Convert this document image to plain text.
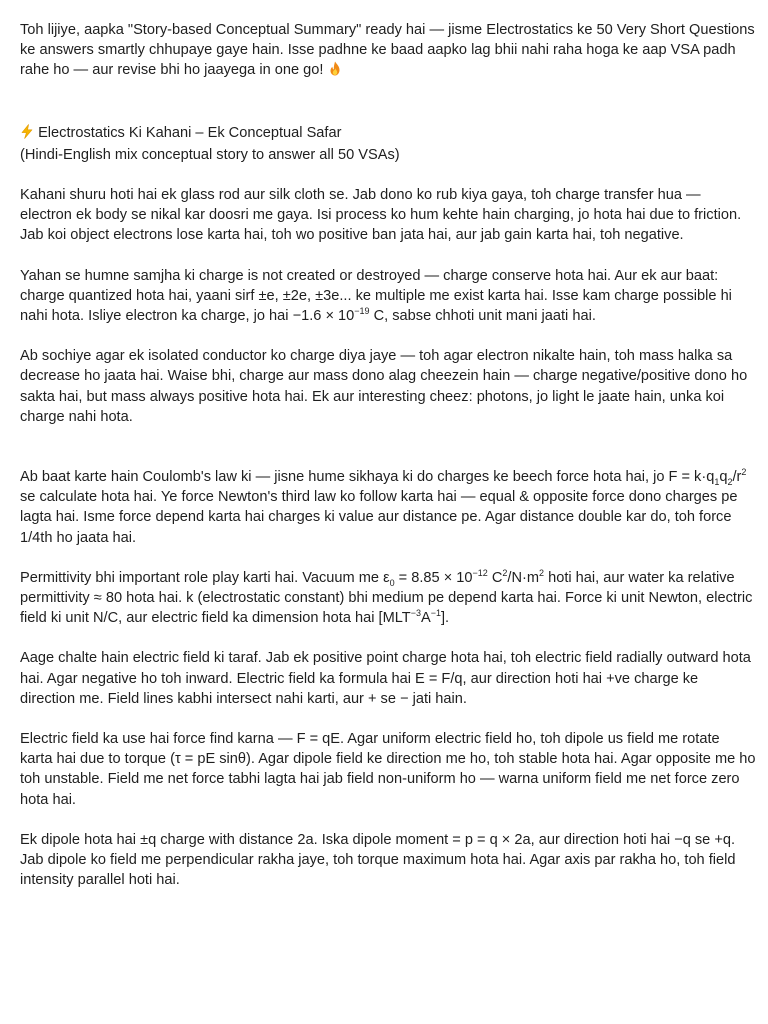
Toh lijiye, aapka "Story-based Conceptual Summary" ready hai — jisme Electrostatics ke 50 Very Short Questions ke answers smartly chhupaye gaye hain. Isse padhne ke baad aapko lag bhii nahi raha hoga ke aap VSA padh rahe ho — aur revise bhi ho jaayega in one go!

Electrostatics Ki Kahani – Ek Conceptual Safar
(Hindi-English mix conceptual story to answer all 50 VSAs)

Kahani shuru hoti hai ek glass rod aur silk cloth se. Jab dono ko rub kiya gaya, toh charge transfer hua — electron ek body se nikal kar doosri me gaya. Isi process ko hum kehte hain charging, jo hota hai due to friction. Jab koi object electrons lose karta hai, toh wo positive ban jata hai, aur jab gain karta hai, toh negative.

Yahan se humne samjha ki charge is not created or destroyed — charge conserve hota hai. Aur ek aur baat: charge quantized hota hai, yaani sirf ±e, ±2e, ±3e... ke multiple me exist karta hai. Isse kam charge possible hi nahi hota. Isliye electron ka charge, jo hai $-1.6 \times 10^{-19}$ C, sabse chhoti unit mani jaati hai.

Ab sochiye agar ek isolated conductor ko charge diya jaye — toh agar electron nikalte hain, toh mass halka sa decrease ho jaata hai. Waise bhi, charge aur mass dono alag cheezein hain — charge negative/positive dono ho sakta hai, but mass always positive hota hai. Ek aur interesting cheez: photons, jo light le jaate hain, unka koi charge nahi hota.

Ab baat karte hain Coulomb's law ki — jisne hume sikhaya ki do charges ke beech force hota hai, jo $F = k\cdot q_1q_2/r^2$ se calculate hota hai. Ye force Newton's third law ko follow karta hai — equal & opposite force dono charges pe lagta hai. Isme force depend karta hai charges ki value aur distance pe. Agar distance double kar do, toh force 1/4th ho jaata hai.

Permittivity bhi important role play karti hai. Vacuum me $\varepsilon_0 = 8.85 \times 10^{-12}$ $C^2/N\cdot m^2$ hoti hai, aur water ka relative permittivity ≈ 80 hota hai. k (electrostatic constant) bhi medium pe depend karta hai. Force ki unit Newton, electric field ki unit N/C, aur electric field ka dimension hota hai $[MLT^{-3}A^{-1}]$.

Aage chalte hain electric field ki taraf. Jab ek positive point charge hota hai, toh electric field radially outward hota hai. Agar negative ho toh inward. Electric field ka formula hai E = F/q, aur direction hoti hai +ve charge ke direction me. Field lines kabhi intersect nahi karti, aur + se − jati hain.

Electric field ka use hai force find karna — F = qE. Agar uniform electric field ho, toh dipole us field me rotate karta hai due to torque (τ = pE sinθ). Agar dipole field ke direction me ho, toh stable hota hai. Agar opposite me ho toh unstable. Field me net force tabhi lagta hai jab field non-uniform ho — warna uniform field me net force zero hota hai.

Ek dipole hota hai ±q charge with distance 2a. Iska dipole moment = p = q × 2a, aur direction hoti hai −q se +q. Jab dipole ko field me perpendicular rakha jaye, toh torque maximum hota hai. Agar axis par rakha ho, toh field intensity parallel hoti hai.
